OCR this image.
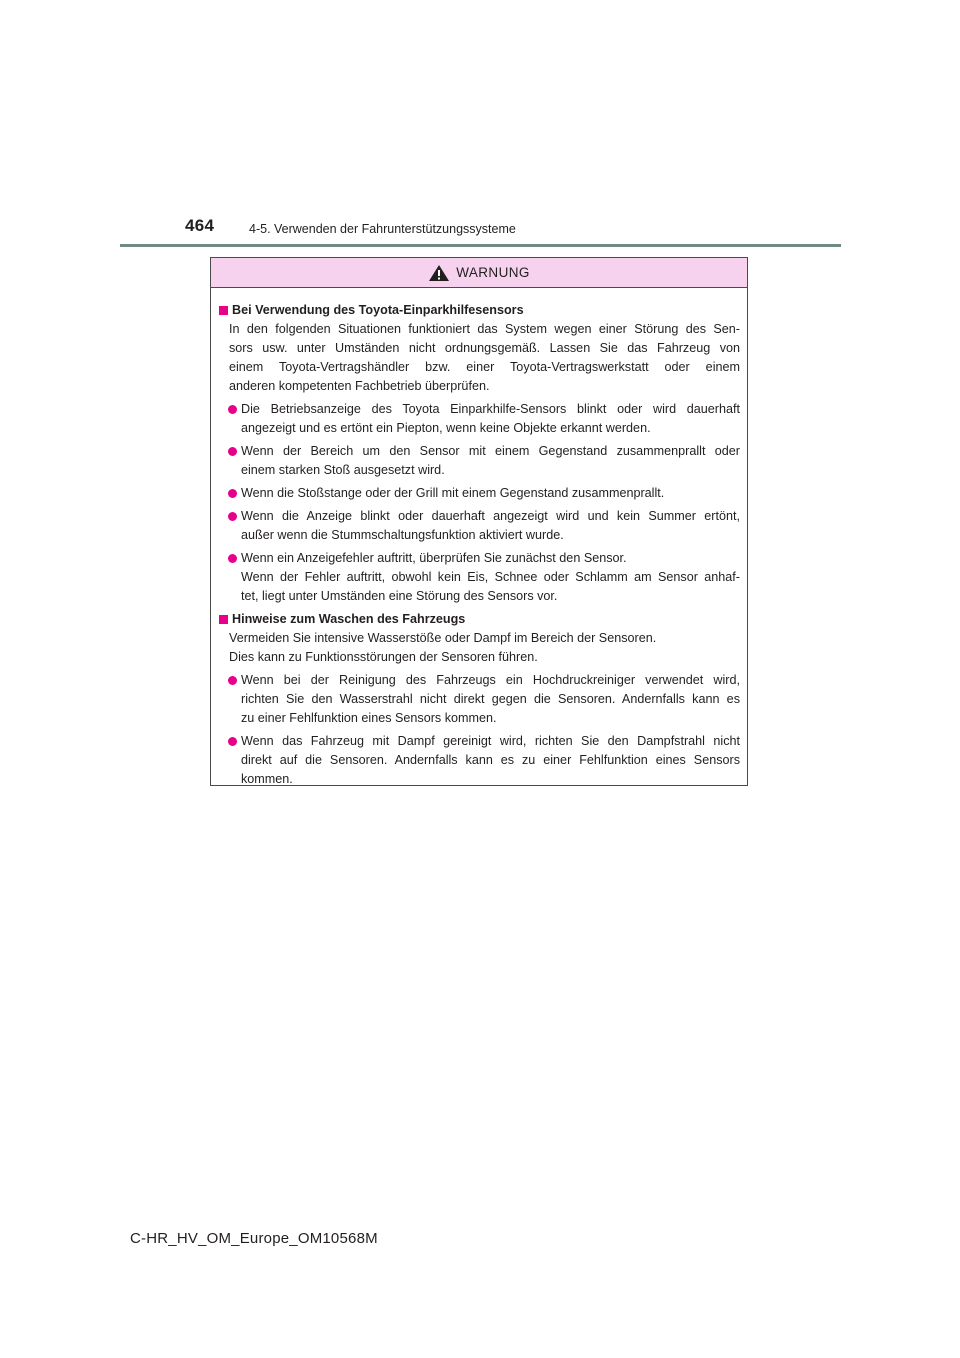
464	4-5. Verwenden der Fahrunterstützungssysteme
WARNUNG
Bei Verwendung des Toyota-Einparkhilfesensors
In den folgenden Situationen funktioniert das System wegen einer Störung des Sen-
sors usw. unter Umständen nicht ordnungsgemäß. Lassen Sie das Fahrzeug von
einem Toyota-Vertragshändler bzw. einer Toyota-Vertragswerkstatt oder einem
anderen kompetenten Fachbetrieb überprüfen.
Die Betriebsanzeige des Toyota Einparkhilfe-Sensors blinkt oder wird dauerhaft
angezeigt und es ertönt ein Piepton, wenn keine Objekte erkannt werden.
Wenn der Bereich um den Sensor mit einem Gegenstand zusammenprallt oder
einem starken Stoß ausgesetzt wird.
Wenn die Stoßstange oder der Grill mit einem Gegenstand zusammenprallt.
Wenn die Anzeige blinkt oder dauerhaft angezeigt wird und kein Summer ertönt,
außer wenn die Stummschaltungsfunktion aktiviert wurde.
Wenn ein Anzeigefehler auftritt, überprüfen Sie zunächst den Sensor.
Wenn der Fehler auftritt, obwohl kein Eis, Schnee oder Schlamm am Sensor anhaf-
tet, liegt unter Umständen eine Störung des Sensors vor.
Hinweise zum Waschen des Fahrzeugs
Vermeiden Sie intensive Wasserstöße oder Dampf im Bereich der Sensoren.
Dies kann zu Funktionsstörungen der Sensoren führen.
Wenn bei der Reinigung des Fahrzeugs ein Hochdruckreiniger verwendet wird,
richten Sie den Wasserstrahl nicht direkt gegen die Sensoren. Andernfalls kann es
zu einer Fehlfunktion eines Sensors kommen.
Wenn das Fahrzeug mit Dampf gereinigt wird, richten Sie den Dampfstrahl nicht
direkt auf die Sensoren. Andernfalls kann es zu einer Fehlfunktion eines Sensors
kommen.
C-HR_HV_OM_Europe_OM10568M
